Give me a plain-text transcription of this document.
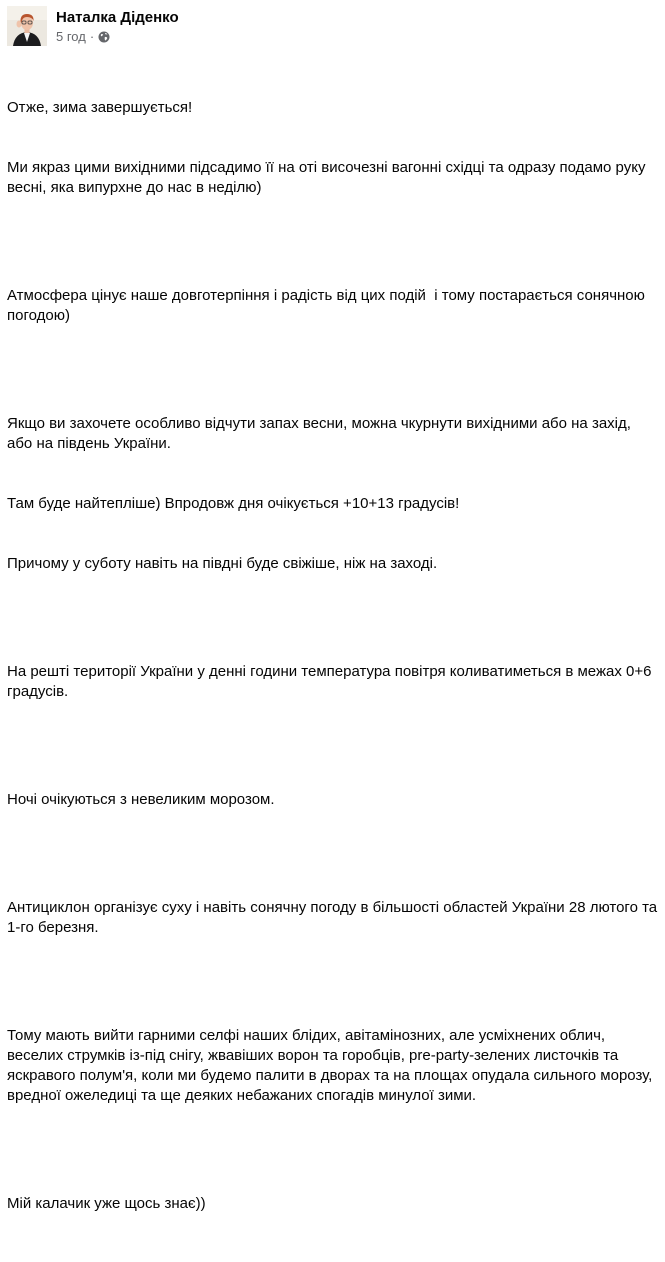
Наталка Діденко
5 год ·

Отже, зима завершується!

Ми якраз цими вихідними підсадимо її на оті височезні вагонні східці та одразу подамо руку весні, яка випурхне до нас в неділю)

Атмосфера цінує наше довготерпіння і радість від цих подій  і тому постарається сонячною погодою)

Якщо ви захочете особливо відчути запах весни, можна чкурнути вихідними або на захід, або на південь України.

Там буде найтепліше) Впродовж дня очікується +10+13 градусів!

Причому у суботу навіть на півдні буде свіжіше, ніж на заході.

На решті території України у денні години температура повітря коливатиметься в межах 0+6 градусів.

Ночі очікуються з невеликим морозом.

Антициклон організує суху і навіть сонячну погоду в більшості областей України 28 лютого та 1-го березня.

Тому мають вийти гарними селфі наших блідих, авітамінозних, але усміхнених облич, веселих струмків із-під снігу, жвавіших ворон та горобців, pre-party-зелених листочків та яскравого полум'я, коли ми будемо палити в дворах та на площах опудала сильного морозу, вредної ожеледиці та ще деяких небажаних спогадів минулої зими.

Мій калачик уже щось знає))
